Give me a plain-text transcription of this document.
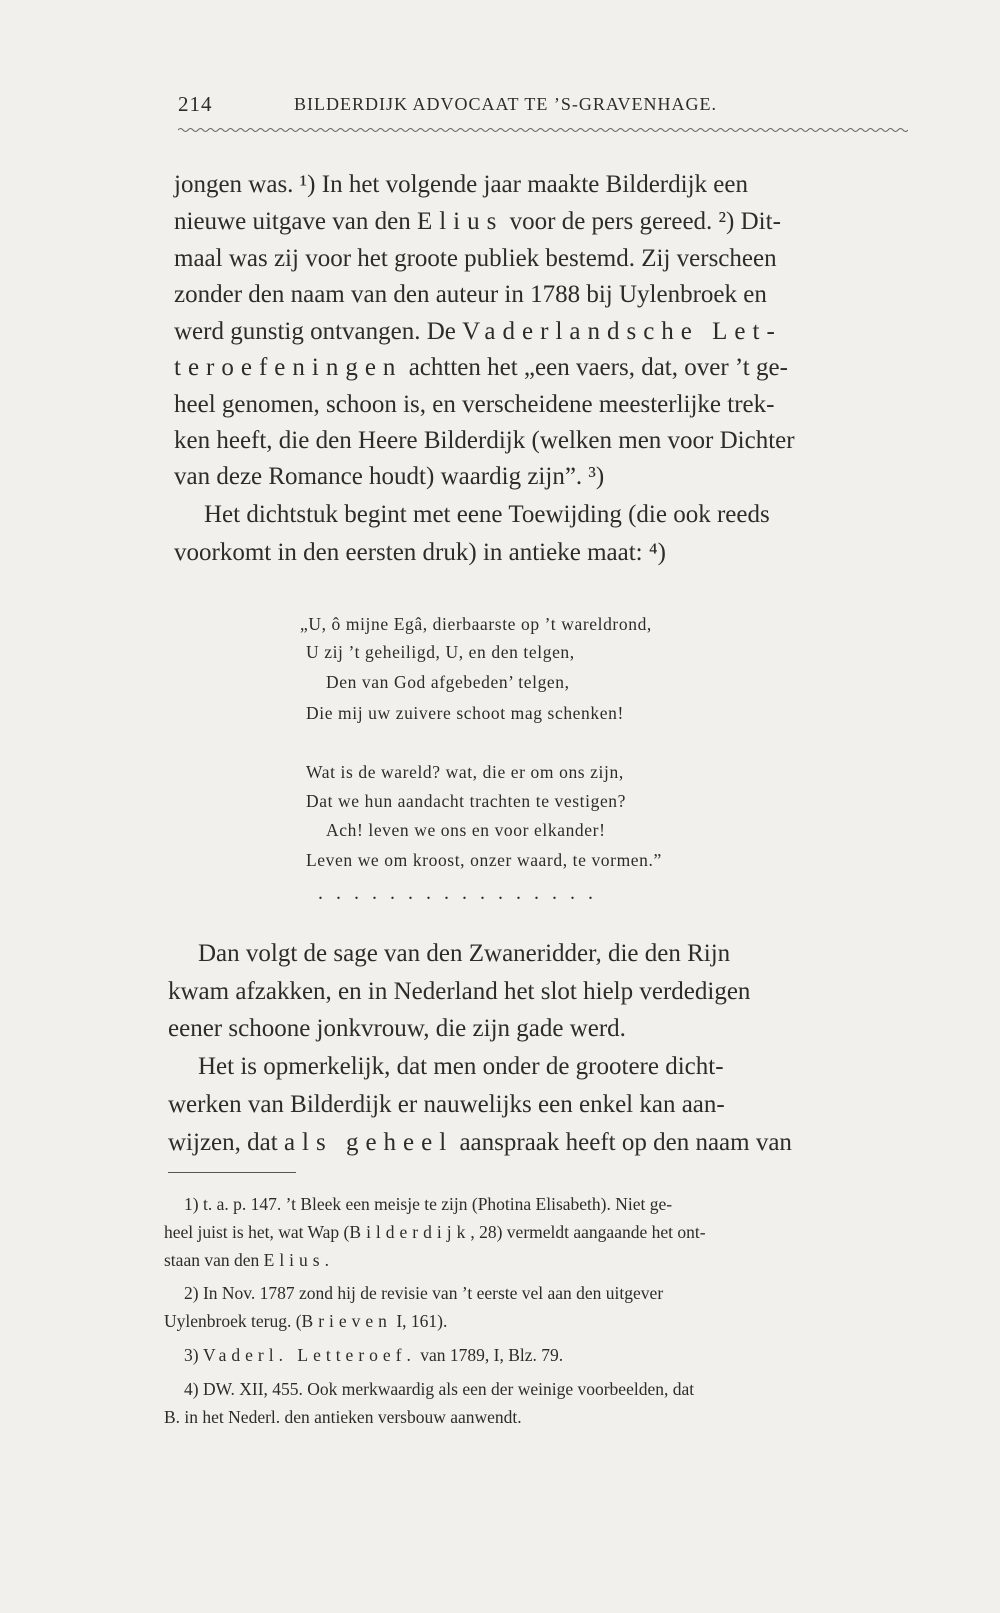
214	BILDERDIJK ADVOCAAT TE ’S-GRAVENHAGE.
jongen was. ¹) In het volgende jaar maakte Bilderdijk een
nieuwe uitgave van den Elius voor de pers gereed. ²) Dit-
maal was zij voor het groote publiek bestemd. Zij verscheen
zonder den naam van den auteur in 1788 bij Uylenbroek en
werd gunstig ontvangen. De Vaderlandsche Let-
teroefeningen achtten het „een vaers, dat, over ’t ge-
heel genomen, schoon is, en verscheidene meesterlijke trek-
ken heeft, die den Heere Bilderdijk (welken men voor Dichter
van deze Romance houdt) waardig zijn”. ³)
Het dichtstuk begint met eene Toewijding (die ook reeds
voorkomt in den eersten druk) in antieke maat: ⁴)
„U, ô mijne Egâ, dierbaarste op ’t wareldrond,
U zij ’t geheiligd, U, en den telgen,
Den van God afgebeden’ telgen,
Die mij uw zuivere schoot mag schenken!
Wat is de wareld? wat, die er om ons zijn,
Dat we hun aandacht trachten te vestigen?
Ach! leven we ons en voor elkander!
Leven we om kroost, onzer waard, te vormen.”
................
Dan volgt de sage van den Zwaneridder, die den Rijn
kwam afzakken, en in Nederland het slot hielp verdedigen
eener schoone jonkvrouw, die zijn gade werd.
Het is opmerkelijk, dat men onder de grootere dicht-
werken van Bilderdijk er nauwelijks een enkel kan aan-
wijzen, dat als geheel aanspraak heeft op den naam van
1) t. a. p. 147. ’t Bleek een meisje te zijn (Photina Elisabeth). Niet ge-
heel juist is het, wat Wap (Bilderdijk, 28) vermeldt aangaande het ont-
staan van den Elius.
2) In Nov. 1787 zond hij de revisie van ’t eerste vel aan den uitgever
Uylenbroek terug. (Brieven I, 161).
3) Vaderl. Letteroef. van 1789, I, Blz. 79.
4) DW. XII, 455. Ook merkwaardig als een der weinige voorbeelden, dat
B. in het Nederl. den antieken versbouw aanwendt.
